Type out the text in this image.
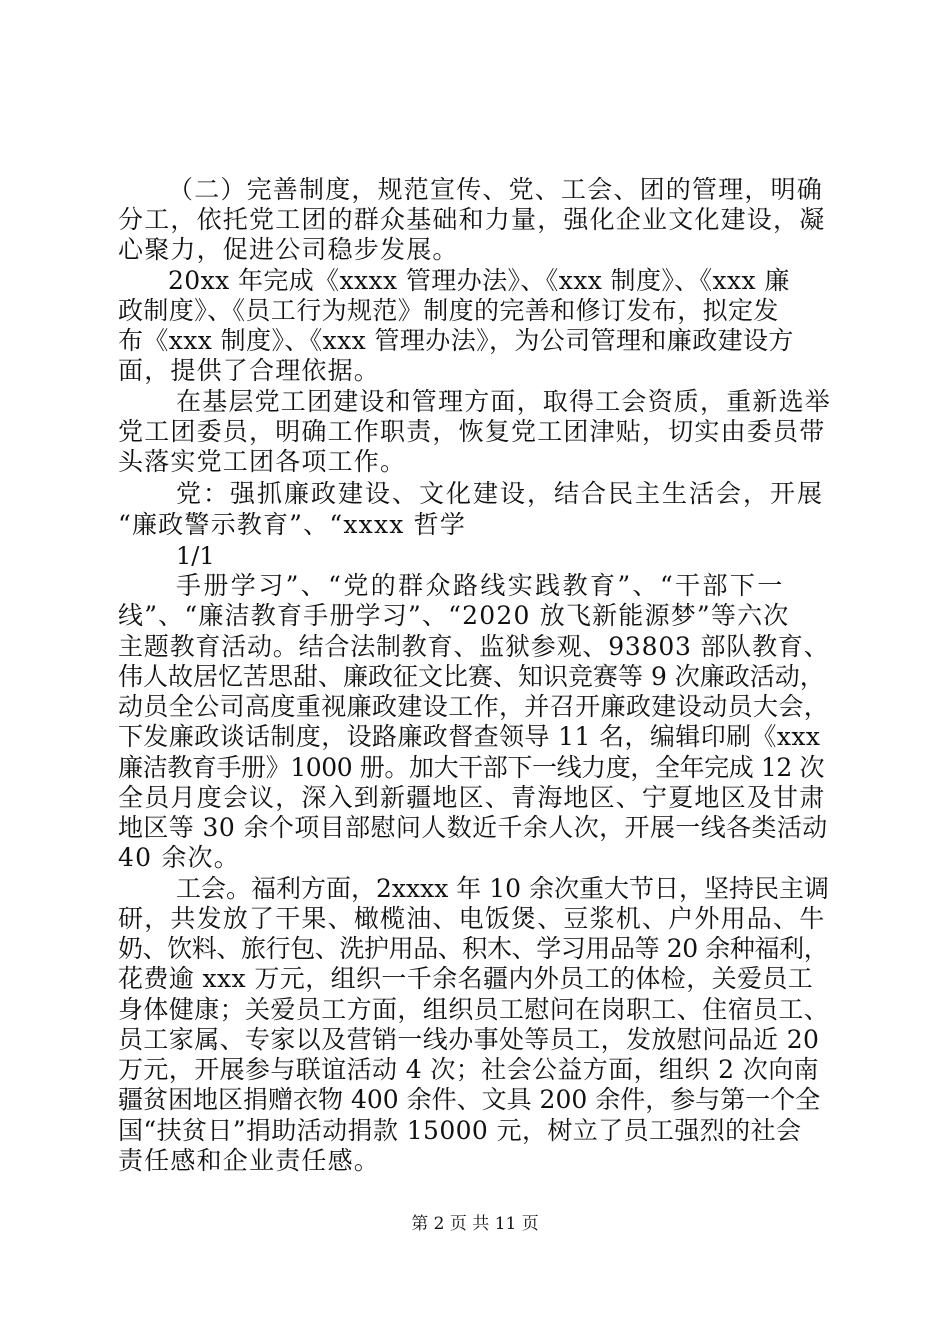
（二）完善制度，规范宣传、党、工会、团的管理，明确
分工，依托党工团的群众基础和力量，强化企业文化建设，凝
心聚力，促进公司稳步发展。
20xx 年完成《xxxx 管理办法》、《xxx 制度》、《xxx 廉
政制度》、《员工行为规范》制度的完善和修订发布，拟定发
布《xxx 制度》、《xxx 管理办法》，为公司管理和廉政建设方
面，提供了合理依据。
在基层党工团建设和管理方面，取得工会资质，重新选举
党工团委员，明确工作职责，恢复党工团津贴，切实由委员带
头落实党工团各项工作。
党：强抓廉政建设、文化建设，结合民主生活会，开展
“廉政警示教育”、“xxxx 哲学
1/1
手册学习”、“党的群众路线实践教育”、“干部下一
线”、“廉洁教育手册学习”、“2020 放飞新能源梦”等六次
主题教育活动。结合法制教育、监狱参观、93803 部队教育、
伟人故居忆苦思甜、廉政征文比赛、知识竞赛等 9 次廉政活动，
动员全公司高度重视廉政建设工作，并召开廉政建设动员大会，
下发廉政谈话制度，设路廉政督查领导 11 名，编辑印刷《xxx
廉洁教育手册》1000 册。加大干部下一线力度，全年完成 12 次
全员月度会议，深入到新疆地区、青海地区、宁夏地区及甘肃
地区等 30 余个项目部慰问人数近千余人次，开展一线各类活动
40 余次。
工会。福利方面，2xxxx 年 10 余次重大节日，坚持民主调
研，共发放了干果、橄榄油、电饭煲、豆浆机、户外用品、牛
奶、饮料、旅行包、洗护用品、积木、学习用品等 20 余种福利，
花费逾 xxx 万元，组织一千余名疆内外员工的体检，关爱员工
身体健康；关爱员工方面，组织员工慰问在岗职工、住宿员工、
员工家属、专家以及营销一线办事处等员工，发放慰问品近 20
万元，开展参与联谊活动 4 次；社会公益方面，组织 2 次向南
疆贫困地区捐赠衣物 400 余件、文具 200 余件，参与第一个全
国“扶贫日”捐助活动捐款 15000 元，树立了员工强烈的社会
责任感和企业责任感。
第 2 页 共 11 页
